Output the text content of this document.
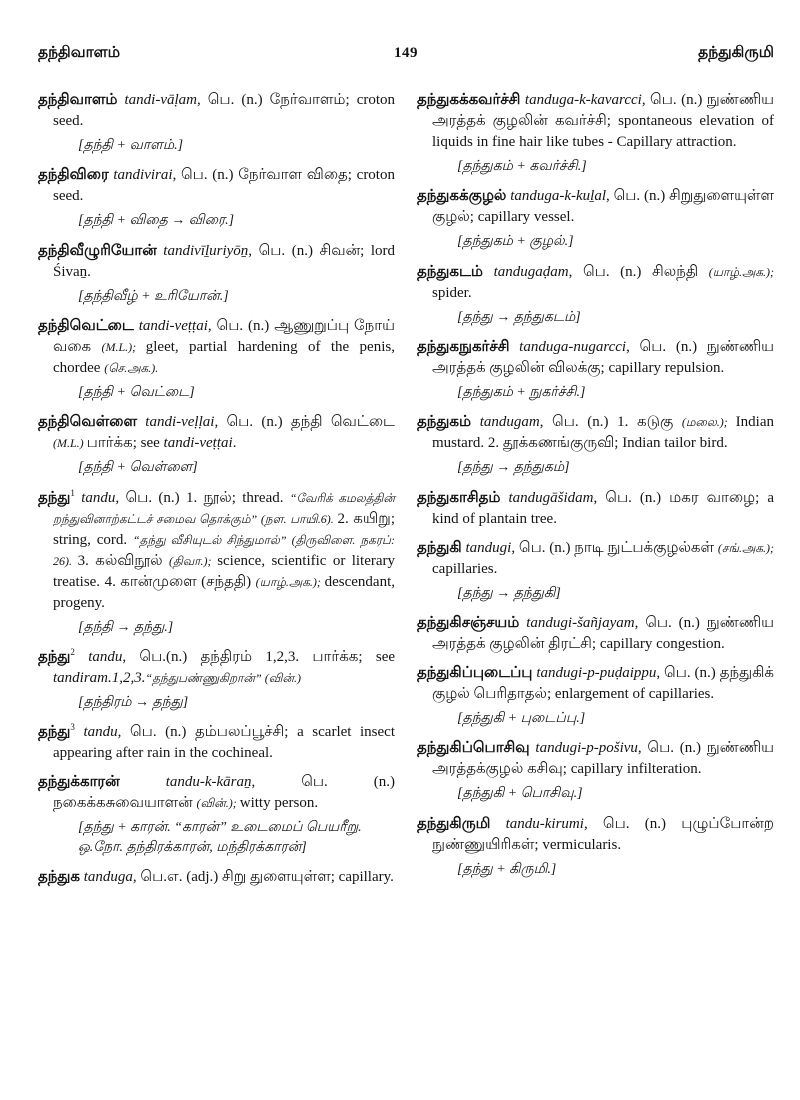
தந்திவாளம்	149	தந்துகிருமி

தந்திவாளம் tandi-vāḷam, பெ. (n.) நேர்வாளம்; croton seed.

[தந்தி + வாளம்.]

தந்திவிரை tandivirai, பெ. (n.) நேர்வாள விதை; croton seed.

[தந்தி + விதை → விரை.]

தந்திவீழுரியோன் tandivīḻuriyōṉ, பெ. (n.) சிவன்; lord Śivaṉ.

[தந்திவீழ் + உரியோன்.]

தந்திவெட்டை tandi-veṭṭai, பெ. (n.) ஆணுறுப்பு நோய் வகை (M.L.); gleet, partial hardening of the penis, chordee (செ.அக.).

[தந்தி + வெட்டை]

தந்திவெள்ளை tandi-veḷḷai, பெ. (n.) தந்தி வெட்டை (M.L.) பார்க்க; see tandi-veṭṭai.

[தந்தி + வெள்ளை]

தந்து$^1$ tandu, பெ. (n.) 1. நூல்; thread. “வேரிக் கமலத்தின் றந்துவினாற்கட்டச் சமைவ தொக்கும்” (நள. பாயி.6). 2. கயிறு; string, cord. “தந்து வீசியுடல் சிந்துமால்” (திருவிளை. நகரப்: 26). 3. கல்விநூல் (திவா.); science, scientific or literary treatise. 4. கான்முளை (சந்ததி) (யாழ்.அக.); descendant, progeny.

[தந்தி → தந்து.]

தந்து$^2$ tandu, பெ.(n.) தந்திரம் 1,2,3. பார்க்க; see tandiram.1,2,3.“தந்துபண்ணுகிறான்” (வின்.)

[தந்திரம் → தந்து]

தந்து$^3$ tandu, பெ. (n.) தம்பலப்பூச்சி; a scarlet insect appearing after rain in the cochineal.

தந்துக்காரன் tandu-k-kāraṉ, பெ. (n.) நகைக்கசுவையாளன் (வின்.); witty person.

[தந்து + காரன். “காரன்” உடைமைப் பெயரீறு. ஒ.நோ. தந்திரக்காரன், மந்திரக்காரன்]

தந்துக tanduga, பெ.எ. (adj.) சிறு துளையுள்ள; capillary.

தந்துகக்கவர்ச்சி tanduga-k-kavarcci, பெ. (n.) நுண்ணிய அரத்தக் குழலின் கவர்ச்சி; spontaneous elevation of liquids in fine hair like tubes - Capillary attraction.

[தந்துகம் + கவர்ச்சி.]

தந்துகக்குழல் tanduga-k-kuḻal, பெ. (n.) சிறுதுளையுள்ள குழல்; capillary vessel.

[தந்துகம் + குழல்.]

தந்துகடம் tandugaḍam, பெ. (n.) சிலந்தி (யாழ்.அக.); spider.

[தந்து → தந்துகடம்]

தந்துகநுகர்ச்சி tanduga-nugarcci, பெ. (n.) நுண்ணிய அரத்தக் குழலின் விலக்கு; capillary repulsion.

[தந்துகம் + நுகர்ச்சி.]

தந்துகம் tandugam, பெ. (n.) 1. கடுகு (மலை.); Indian mustard. 2. தூக்கணங்குருவி; Indian tailor bird.

[தந்து → தந்துகம்]

தந்துகாசிதம் tandugāšidam, பெ. (n.) மகர வாழை; a kind of plantain tree.

தந்துகி tandugi, பெ. (n.) நாடி நுட்பக்குழல்கள் (சங்.அக.); capillaries.

[தந்து → தந்துகி]

தந்துகிசஞ்சயம் tandugi-šañjayam, பெ. (n.) நுண்ணிய அரத்தக் குழலின் திரட்சி; capillary congestion.

தந்துகிப்புடைப்பு tandugi-p-puḍaippu, பெ. (n.) தந்துகிக் குழல் பெரிதாதல்; enlargement of capillaries.

[தந்துகி + புடைப்பு.]

தந்துகிப்பொசிவு tandugi-p-pošivu, பெ. (n.) நுண்ணிய அரத்தக்குழல் கசிவு; capillary infilteration.

[தந்துகி + பொசிவு.]

தந்துகிருமி tandu-kirumi, பெ. (n.) புழுப்போன்ற நுண்ணுயிரிகள்; vermicularis.

[தந்து + கிருமி.]
